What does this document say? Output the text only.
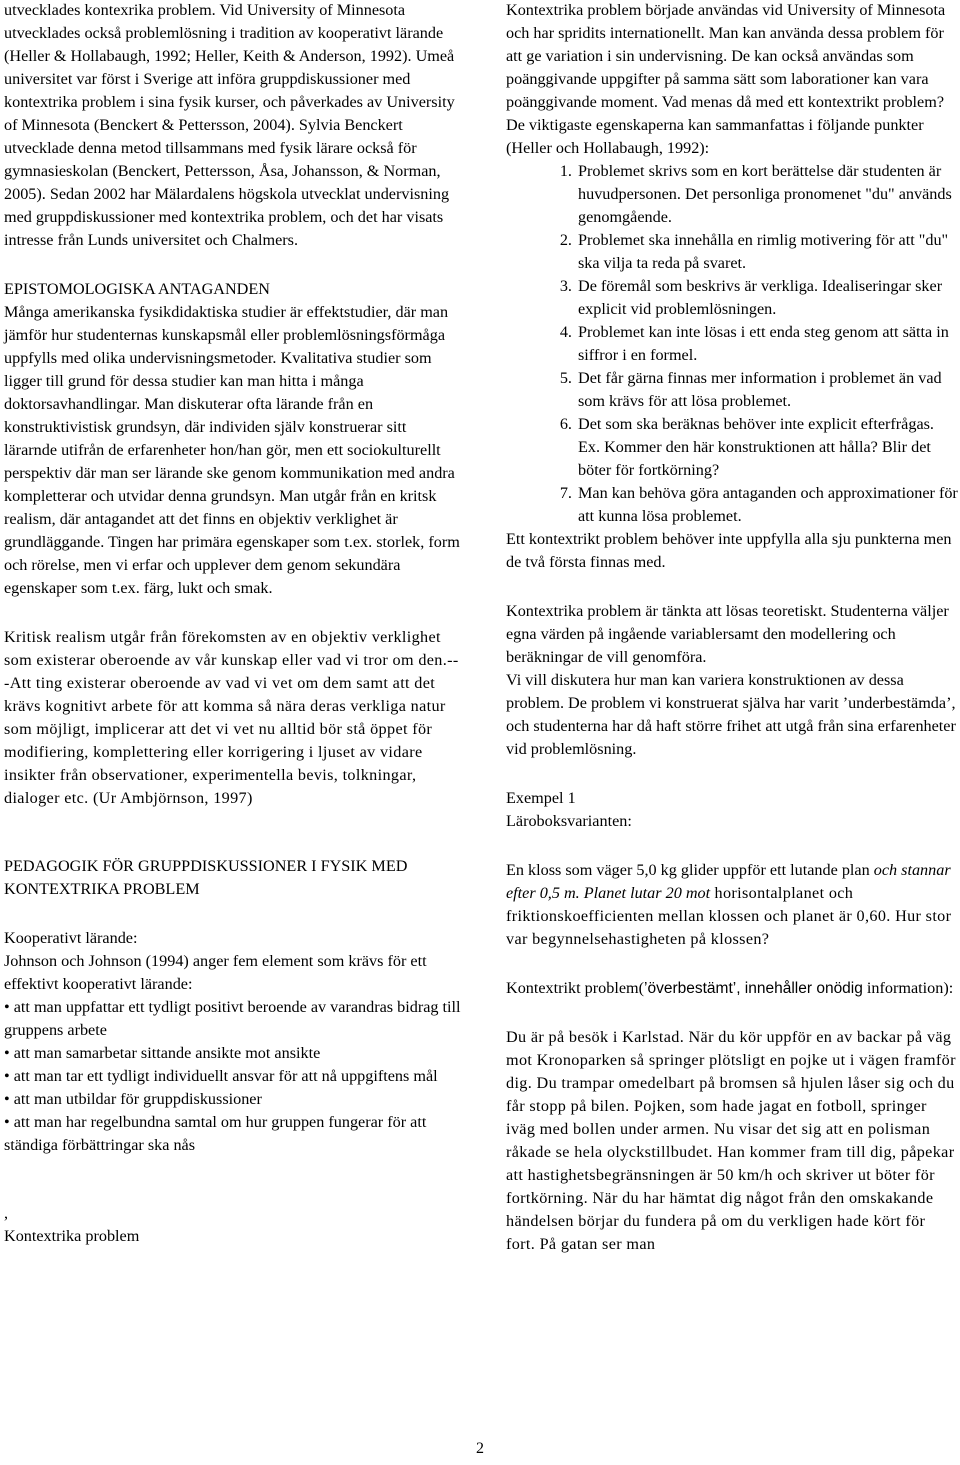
utvecklades kontexrika problem. Vid University of Minnesota utvecklades också problemlösning i tradition av kooperativt lärande (Heller & Hollabaugh, 1992; Heller, Keith & Anderson, 1992). Umeå universitet var först i Sverige att införa gruppdiskussioner med kontextrika problem i sina fysik kurser, och påverkades av University of Minnesota (Benckert & Pettersson, 2004). Sylvia Benckert utvecklade denna metod tillsammans med fysik lärare också för gymnasieskolan (Benckert, Pettersson, Åsa, Johansson, & Norman, 2005). Sedan 2002 har Mälardalens högskola utvecklat undervisning med gruppdiskussioner med kontextrika problem, och det har visats intresse från Lunds universitet och Chalmers.

EPISTOMOLOGISKA ANTAGANDEN

Många amerikanska fysikdidaktiska studier är effektstudier, där man jämför hur studenternas kunskapsmål eller problemlösningsförmåga uppfylls med olika undervisningsmetoder. Kvalitativa studier som ligger till grund för dessa studier kan man hitta i många doktorsavhandlingar. Man diskuterar ofta lärande från en konstruktivistisk grundsyn, där individen själv konstruerar sitt lärarnde utifrån de erfarenheter hon/han gör, men ett sociokulturellt perspektiv där man ser lärande ske genom kommunikation med andra kompletterar och utvidar denna grundsyn. Man utgår från en kritsk realism, där antagandet att det finns en objektiv verklighet är grundläggande. Tingen har primära egenskaper som t.ex. storlek, form och rörelse, men vi erfar och upplever dem genom sekundära egenskaper som t.ex. färg, lukt och smak.

Kritisk realism utgår från förekomsten av en objektiv verklighet som existerar oberoende av vår kunskap eller vad vi tror om den.---Att ting existerar oberoende av vad vi vet om dem samt att det krävs kognitivt arbete för att komma så nära deras verkliga natur som möjligt, implicerar att det vi vet nu alltid bör stå öppet för modifiering, komplettering eller korrigering i ljuset av vidare insikter från observationer, experimentella bevis, tolkningar, dialoger etc. (Ur Ambjörnson, 1997)

PEDAGOGIK FÖR GRUPPDISKUSSIONER I FYSIK MED KONTEXTRIKA PROBLEM

Kooperativt lärande:

Johnson och Johnson (1994) anger fem element som krävs för ett effektivt kooperativt lärande:

• att man uppfattar ett tydligt positivt beroende av varandras bidrag till gruppens arbete

• att man samarbetar sittande ansikte mot ansikte

• att man tar ett tydligt individuellt ansvar för att nå uppgiftens mål

• att man utbildar för gruppdiskussioner

• att man har regelbundna samtal om hur gruppen fungerar för att ständiga förbättringar ska nås

,

Kontextrika problem

Kontextrika problem började användas vid University of Minnesota och har spridits internationellt. Man kan använda dessa problem för att ge variation i sin undervisning. De kan också användas som poänggivande uppgifter på samma sätt som laborationer kan vara poänggivande moment. Vad menas då med ett kontextrikt problem? De viktigaste egenskaperna kan sammanfattas i följande punkter (Heller och Hollabaugh, 1992):

1. Problemet skrivs som en kort berättelse där studenten är huvudpersonen. Det personliga pronomenet "du" används genomgående.
2. Problemet ska innehålla en rimlig motivering för att "du" ska vilja ta reda på svaret.
3. De föremål som beskrivs är verkliga. Idealiseringar sker explicit vid problemlösningen.
4. Problemet kan inte lösas i ett enda steg genom att sätta in siffror i en formel.
5. Det får gärna finnas mer information i problemet än vad som krävs för att lösa problemet.
6. Det som ska beräknas behöver inte explicit efterfrågas. Ex. Kommer den här konstruktionen att hålla? Blir det böter för fortkörning?
7. Man kan behöva göra antaganden och approximationer för att kunna lösa problemet.

Ett kontextrikt problem behöver inte uppfylla alla sju punkterna men de två första finnas med.

Kontextrika problem är tänkta att lösas teoretiskt. Studenterna väljer egna värden på ingående variablersamt den modellering och beräkningar de vill genomföra.

Vi vill diskutera hur man kan variera konstruktionen av dessa problem. De problem vi konstruerat själva har varit ’underbestämda’, och studenterna har då haft större frihet att utgå från sina erfarenheter vid problemlösning.

Exempel 1

Läroboksvarianten:

En kloss som väger 5,0 kg glider uppför ett lutande plan och stannar efter 0,5 m. Planet lutar 20 mot horisontalplanet och friktionskoefficienten mellan klossen och planet är 0,60. Hur stor var begynnelsehastigheten på klossen?

Kontextrikt problem(’överbestämt’, innehåller onödig information):

Du är på besök i Karlstad. När du kör uppför en av backar på väg mot Kronoparken så springer plötsligt en pojke ut i vägen framför dig. Du trampar omedelbart på bromsen så hjulen låser sig och du får stopp på bilen. Pojken, som hade jagat en fotboll, springer iväg med bollen under armen. Nu visar det sig att en polisman råkade se hela olyckstillbudet. Han kommer fram till dig, påpekar att hastighetsbegränsningen är 50 km/h och skriver ut böter för fortkörning. När du har hämtat dig något från den omskakande händelsen börjar du fundera på om du verkligen hade kört för fort. På gatan ser man

2
